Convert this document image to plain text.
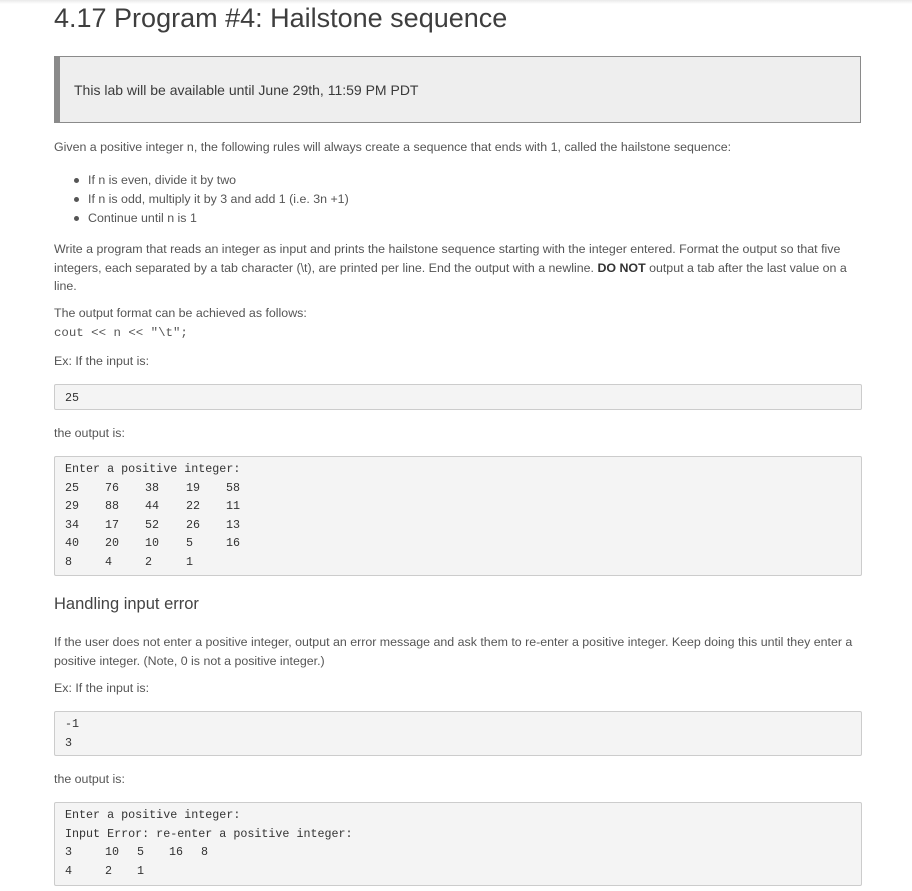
4.17 Program #4: Hailstone sequence
This lab will be available until June 29th, 11:59 PM PDT

Given a positive integer n, the following rules will always create a sequence that ends with 1, called the hailstone sequence:

If n is even, divide it by two
If n is odd, multiply it by 3 and add 1 (i.e. 3n +1)
Continue until n is 1

Write a program that reads an integer as input and prints the hailstone sequence starting with the integer entered. Format the output so that five integers, each separated by a tab character (\t), are printed per line. End the output with a newline. DO NOT output a tab after the last value on a line.

The output format can be achieved as follows:

cout << n << "\t";

Ex: If the input is:

25

the output is:

Enter a positive integer:
25 76 38 19 58
29 88 44 22 11
34 17 52 26 13
40 20 10 5	16
8	4	2	1
Handling input error

If the user does not enter a positive integer, output an error message and ask them to re-enter a positive integer. Keep doing this until they enter a positive integer. (Note, 0 is not a positive integer.)

Ex: If the input is:

-1
3

the output is:

Enter a positive integer:
Input Error: re-enter a positive integer:
3	10 5 16 8
4	2 1
